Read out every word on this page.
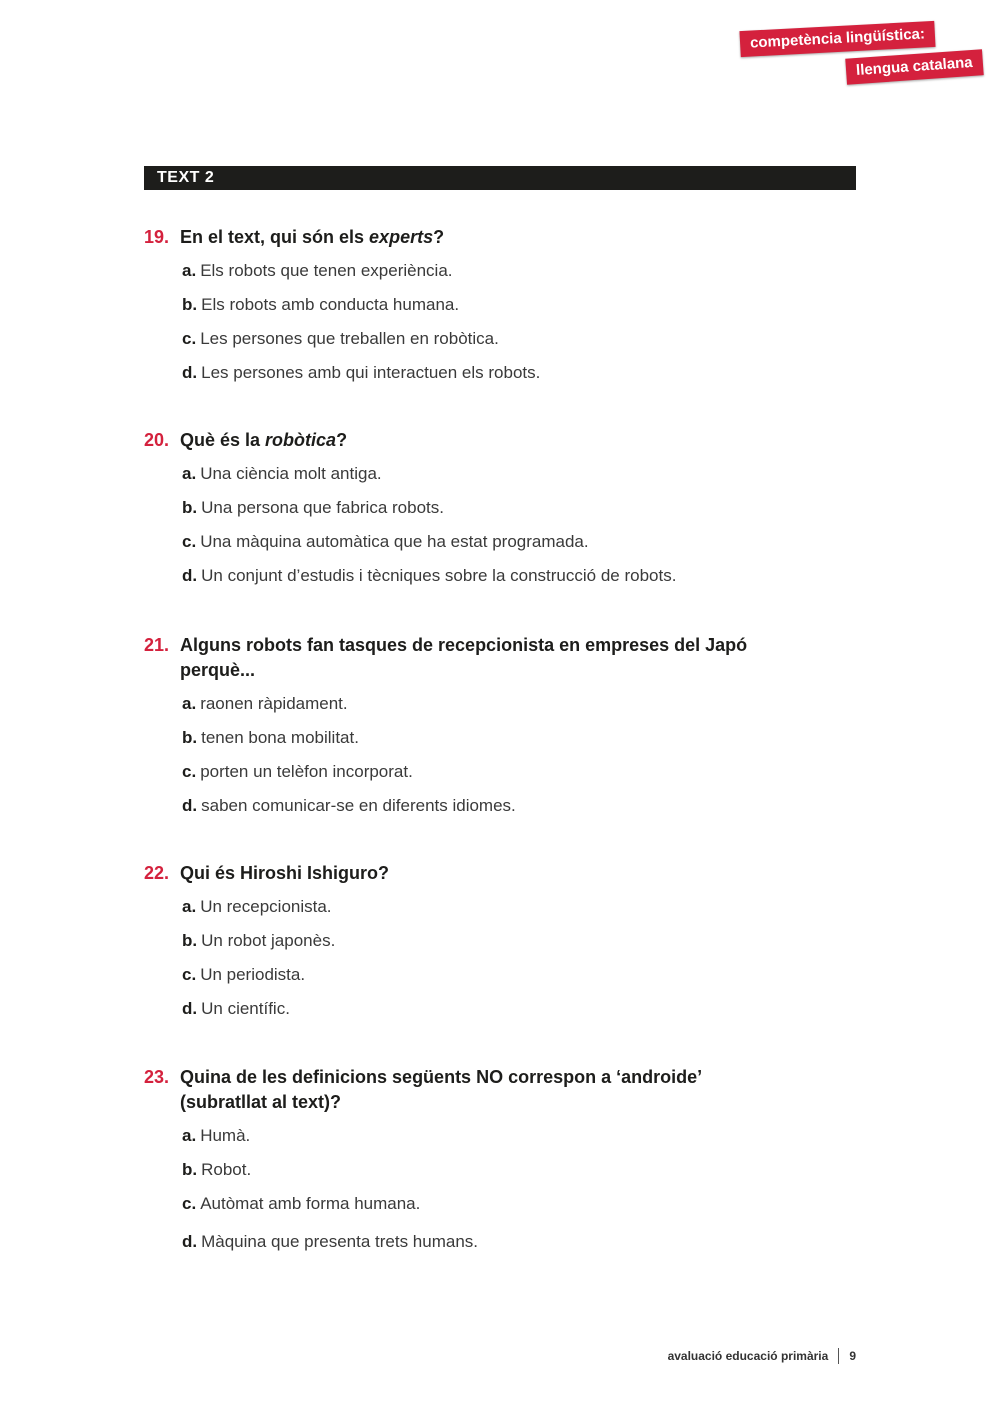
competència lingüística:
llengua catalana
TEXT 2
19. En el text, qui són els experts?
a. Els robots que tenen experiència.
b. Els robots amb conducta humana.
c. Les persones que treballen en robòtica.
d. Les persones amb qui interactuen els robots.
20. Què és la robòtica?
a. Una ciència molt antiga.
b. Una persona que fabrica robots.
c. Una màquina automàtica que ha estat programada.
d. Un conjunt d’estudis i tècniques sobre la construcció de robots.
21. Alguns robots fan tasques de recepcionista en empreses del Japó
perquè...
a. raonen ràpidament.
b. tenen bona mobilitat.
c. porten un telèfon incorporat.
d. saben comunicar-se en diferents idiomes.
22. Qui és Hiroshi Ishiguro?
a. Un recepcionista.
b. Un robot japonès.
c. Un periodista.
d. Un científic.
23. Quina de les definicions següents NO correspon a ‘androide’
(subratllat al text)?
a. Humà.
b. Robot.
c. Autòmat amb forma humana.
d. Màquina que presenta trets humans.
avaluació educació primària 9
